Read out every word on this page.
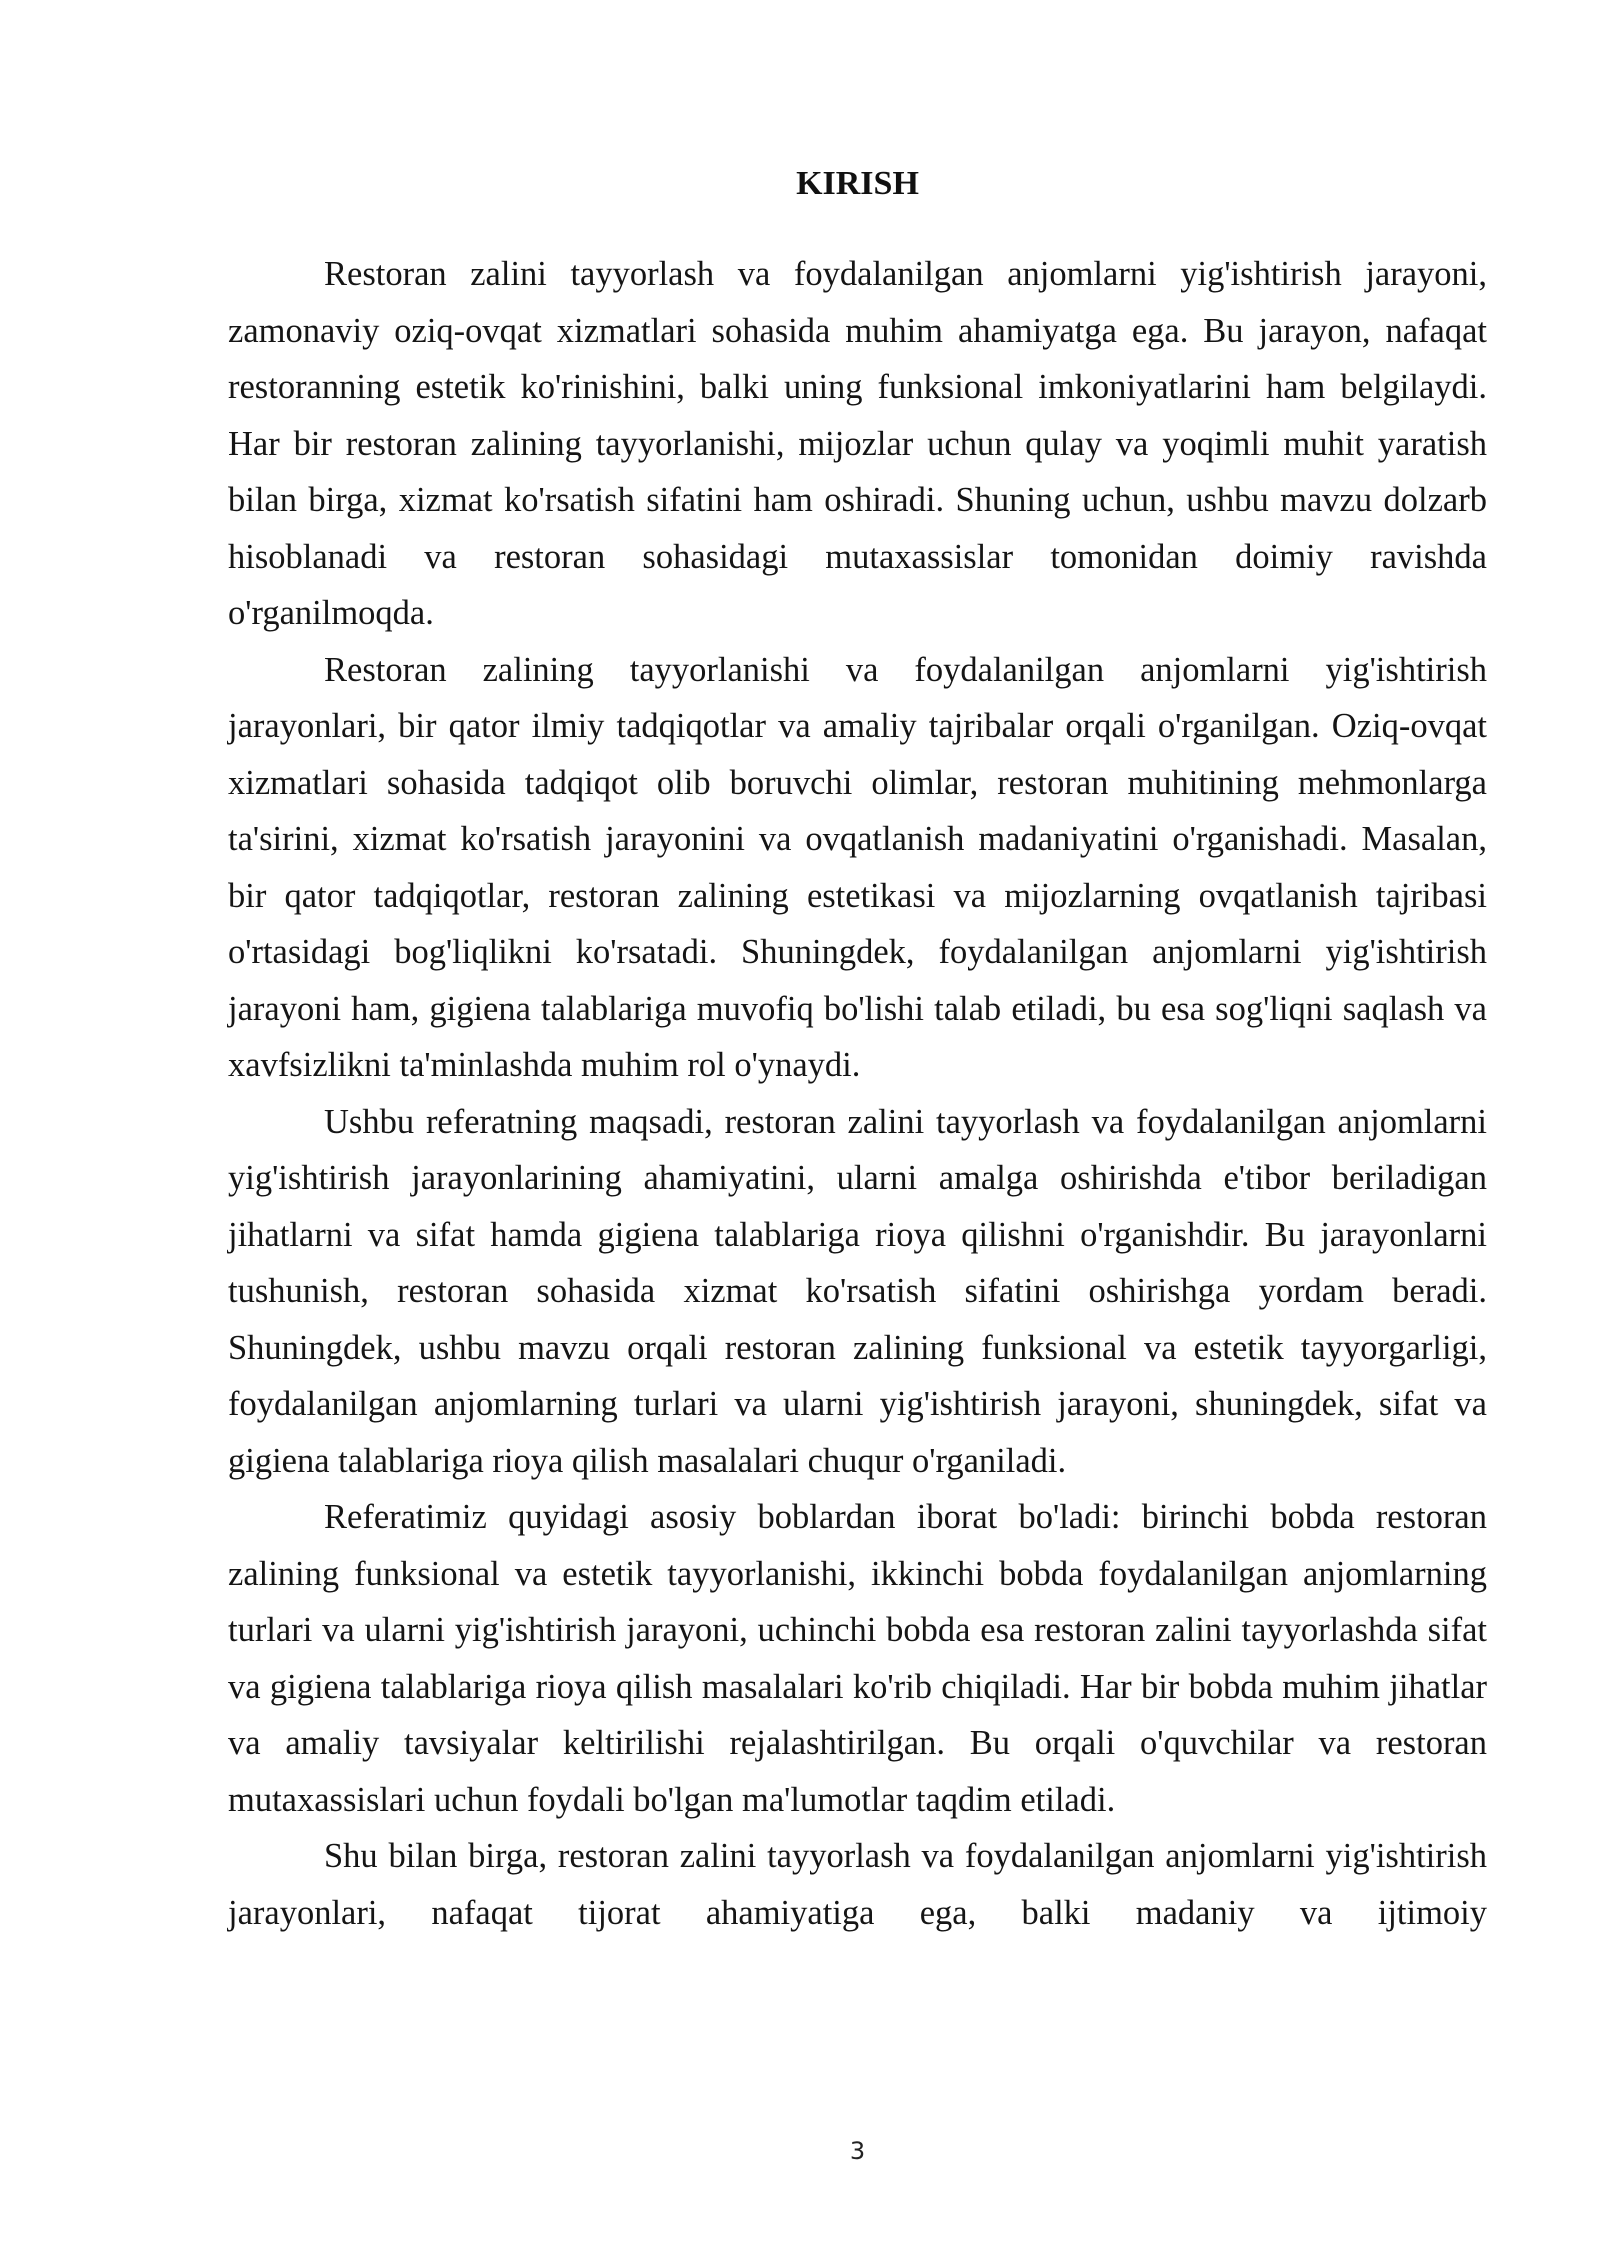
KIRISH

Restoran zalini tayyorlash va foydalanilgan anjomlarni yig'ishtirish jarayoni, zamonaviy oziq-ovqat xizmatlari sohasida muhim ahamiyatga ega. Bu jarayon, nafaqat restoranning estetik ko'rinishini, balki uning funksional imkoniyatlarini ham belgilaydi. Har bir restoran zalining tayyorlanishi, mijozlar uchun qulay va yoqimli muhit yaratish bilan birga, xizmat ko'rsatish sifatini ham oshiradi. Shuning uchun, ushbu mavzu dolzarb hisoblanadi va restoran sohasidagi mutaxassislar tomonidan doimiy ravishda o'rganilmoqda.

Restoran zalining tayyorlanishi va foydalanilgan anjomlarni yig'ishtirish jarayonlari, bir qator ilmiy tadqiqotlar va amaliy tajribalar orqali o'rganilgan. Oziq-ovqat xizmatlari sohasida tadqiqot olib boruvchi olimlar, restoran muhitining mehmonlarga ta'sirini, xizmat ko'rsatish jarayonini va ovqatlanish madaniyatini o'rganishadi. Masalan, bir qator tadqiqotlar, restoran zalining estetikasi va mijozlarning ovqatlanish tajribasi o'rtasidagi bog'liqlikni ko'rsatadi. Shuningdek, foydalanilgan anjomlarni yig'ishtirish jarayoni ham, gigiena talablariga muvofiq bo'lishi talab etiladi, bu esa sog'liqni saqlash va xavfsizlikni ta'minlashda muhim rol o'ynaydi.

Ushbu referatning maqsadi, restoran zalini tayyorlash va foydalanilgan anjomlarni yig'ishtirish jarayonlarining ahamiyatini, ularni amalga oshirishda e'tibor beriladigan jihatlarni va sifat hamda gigiena talablariga rioya qilishni o'rganishdir. Bu jarayonlarni tushunish, restoran sohasida xizmat ko'rsatish sifatini oshirishga yordam beradi. Shuningdek, ushbu mavzu orqali restoran zalining funksional va estetik tayyorgarligi, foydalanilgan anjomlarning turlari va ularni yig'ishtirish jarayoni, shuningdek, sifat va gigiena talablariga rioya qilish masalalari chuqur o'rganiladi.

Referatimiz quyidagi asosiy boblardan iborat bo'ladi: birinchi bobda restoran zalining funksional va estetik tayyorlanishi, ikkinchi bobda foydalanilgan anjomlarning turlari va ularni yig'ishtirish jarayoni, uchinchi bobda esa restoran zalini tayyorlashda sifat va gigiena talablariga rioya qilish masalalari ko'rib chiqiladi. Har bir bobda muhim jihatlar va amaliy tavsiyalar keltirilishi rejalashtirilgan. Bu orqali o'quvchilar va restoran mutaxassislari uchun foydali bo'lgan ma'lumotlar taqdim etiladi.

Shu bilan birga, restoran zalini tayyorlash va foydalanilgan anjomlarni yig'ishtirish jarayonlari, nafaqat tijorat ahamiyatiga ega, balki madaniy va ijtimoiy

3
